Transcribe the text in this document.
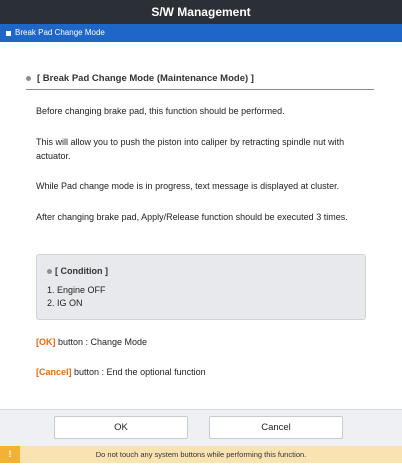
S/W Management
Break Pad Change Mode
[ Break Pad Change Mode (Maintenance Mode) ]
Before changing brake pad, this function should be performed.
This will allow you to push the piston into caliper by retracting spindle nut with actuator.
While Pad change mode is in progress, text message is displayed at cluster.
After changing brake pad, Apply/Release function should be executed 3 times.
[ Condition ]
1. Engine OFF
2. IG ON
[OK] button : Change Mode
[Cancel] button : End the optional function
OK	Cancel
!	Do not touch any system buttons while performing this function.
